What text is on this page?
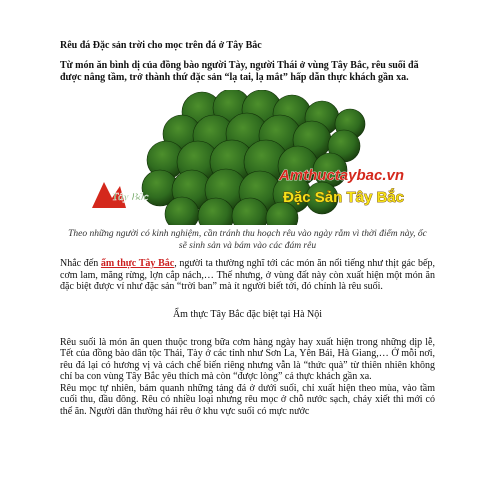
Rêu đá Đặc sản trời cho mọc trên đá ở Tây Bắc
Từ món ăn bình dị của đồng bào người Tày, người Thái ở vùng Tây Bắc, rêu suối đã được nâng tầm, trở thành thứ đặc sản “lạ tai, lạ mắt” hấp dẫn thực khách gần xa.
Tây Bắc
Amthuctaybac.vn
Đặc Sản Tây Bắc
Theo những người có kinh nghiệm, cần tránh thu hoạch rêu vào ngày rằm vì thời điểm này, ốc sẽ sinh sản và bám vào các đám rêu

Nhắc đến ẩm thực Tây Bắc, người ta thường nghĩ tới các món ăn nổi tiếng như thịt gác bếp, cơm lam, măng rừng, lợn cắp nách,… Thế nhưng, ở vùng đất này còn xuất hiện một món ăn đặc biệt được ví như đặc sản “trời ban” mà ít người biết tới, đó chính là rêu suối.

Ẩm thực Tây Bắc đặc biệt tại Hà Nội

Rêu suối là món ăn quen thuộc trong bữa cơm hàng ngày hay xuất hiện trong những dịp lễ, Tết của đồng bào dân tộc Thái, Tày ở các tỉnh như Sơn La, Yên Bái, Hà Giang,… Ở mỗi nơi, rêu đá lại có hương vị và cách chế biến riêng nhưng vẫn là “thức quà” từ thiên nhiên không chỉ ba con vùng Tây Bắc yêu thích mà còn “được lòng” cả thực khách gần xa.

Rêu mọc tự nhiên, bám quanh những tảng đá ở dưới suối, chỉ xuất hiện theo mùa, vào tầm cuối thu, đầu đông. Rêu có nhiều loại nhưng rêu mọc ở chỗ nước sạch, chảy xiết thì mới có thể ăn. Người dân thường hái rêu ở khu vực suối có mực nước
